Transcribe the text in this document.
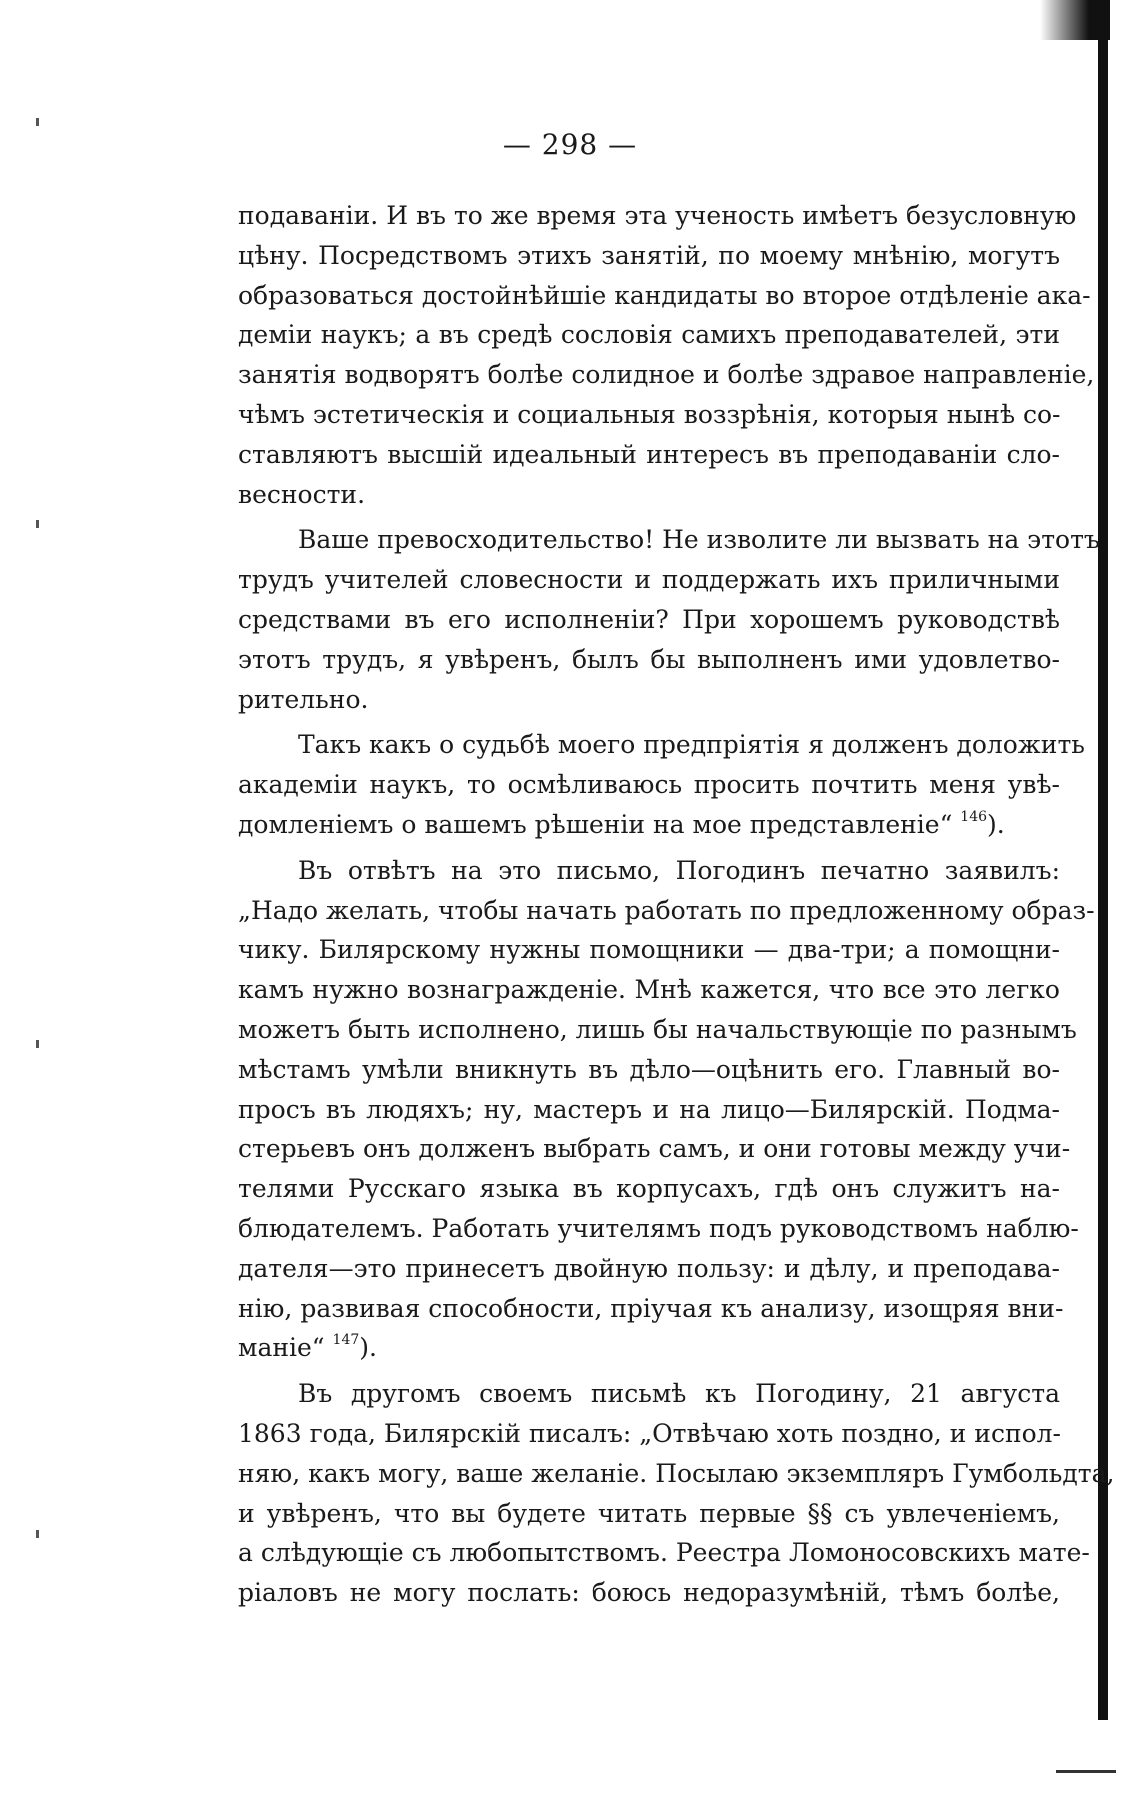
— 298 —
подаванiи. И въ то же время эта ученость имѣетъ безусловную
цѣну. Посредствомъ этихъ занятiй, по моему мнѣнiю, могутъ
образоваться достойнѣйшiе кандидаты во второе отдѣленiе ака-
демiи наукъ; а въ средѣ сословiя самихъ преподавателей, эти
занятiя водворятъ болѣе солидное и болѣе здравое направленiе,
чѣмъ эстетическiя и социальныя воззрѣнiя, которыя нынѣ со-
ставляютъ высшiй идеальный интересъ въ преподаванiи сло-
весности.
Ваше превосходительство! Не изволите ли вызвать на этотъ
трудъ учителей словесности и поддержать ихъ приличными
средствами въ его исполненiи? При хорошемъ руководствѣ
этотъ трудъ, я увѣренъ, былъ бы выполненъ ими удовлетво-
рительно.
Такъ какъ о судьбѣ моего предпрiятiя я долженъ доложить
академiи наукъ, то осмѣливаюсь просить почтить меня увѣ-
домленiемъ о вашемъ рѣшенiи на мое представленiе“ $^{146}$).
Въ отвѣтъ на это письмо, Погодинъ печатно заявилъ:
„Надо желать, чтобы начать работать по предложенному образ-
чику. Билярскому нужны помощники — два-три; а помощни-
камъ нужно вознагражденiе. Мнѣ кажется, что все это легко
можетъ быть исполнено, лишь бы начальствующiе по разнымъ
мѣстамъ умѣли вникнуть въ дѣло—оцѣнить его. Главный во-
просъ въ людяхъ; ну, мастеръ и на лицо—Билярскiй. Подма-
стерьевъ онъ долженъ выбрать самъ, и они готовы между учи-
телями Русскаго языка въ корпусахъ, гдѣ онъ служитъ на-
блюдателемъ. Работать учителямъ подъ руководствомъ наблю-
дателя—это принесетъ двойную пользу: и дѣлу, и преподава-
нiю, развивая способности, прiучая къ анализу, изощряя вни-
манiе“ $^{147}$).
Въ другомъ своемъ письмѣ къ Погодину, 21 августа
1863 года, Билярскiй писалъ: „Отвѣчаю хоть поздно, и испол-
няю, какъ могу, ваше желанiе. Посылаю экземпляръ Гумбольдта,
и увѣренъ, что вы будете читать первые §§ съ увлеченiемъ,
а слѣдующiе съ любопытствомъ. Реестра Ломоносовскихъ мате-
рiаловъ не могу послать: боюсь недоразумѣнiй, тѣмъ болѣе,
